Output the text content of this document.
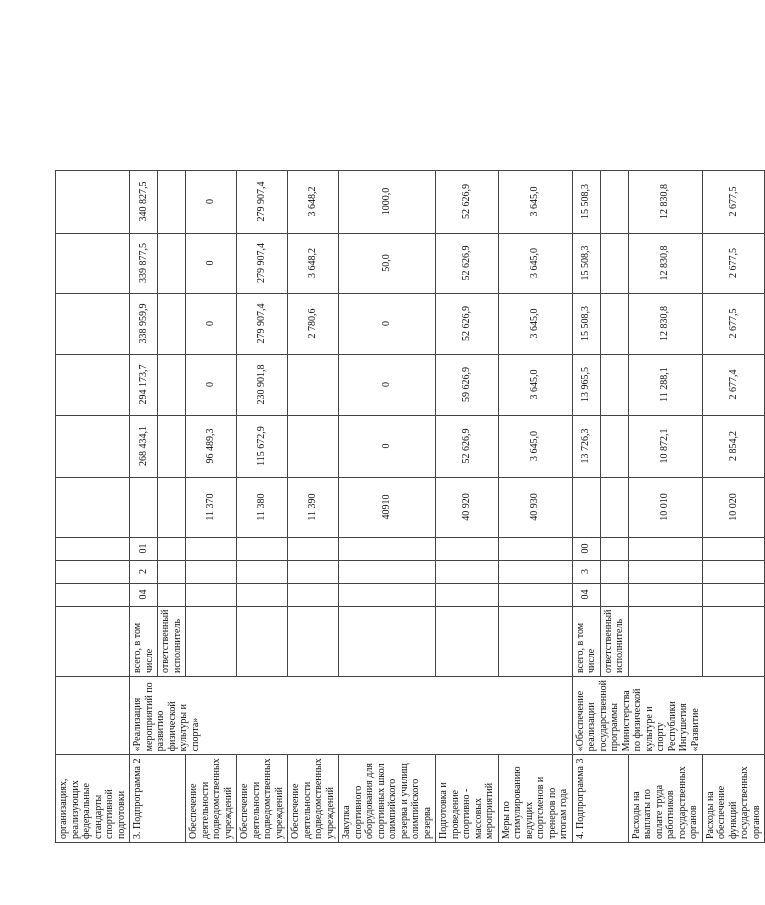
организациях, реализующих федеральные стандарты спортивной подготовки											
3. Подпрограмма 2	«Реализация мероприятий по развитию физической культуры и спорта»	всего, в том числе	04	2	01		268 434,1	294 173,7	338 959,9	339 877,5	340 827,5
		ответственный исполнитель									
Обеспечение деятельности подведомственных учреждений						11 370	96 489,3	0	0	0	0
Обеспечение деятельности подведомственных учреждений						11 380	115 672,9	230 901,8	279 907,4	279 907,4	279 907,4
Обеспечение деятельности подведомственных учреждений						11 390			2 780,6	3 648,2	3 648,2
Закупка спортивного оборудования для спортивных школ олимпийского резерва и училищ олимпийского резерва						40910	0	0	0	50,0	1000,0
Подготовка и проведение спортивно - массовых мероприятий						40 920	52 626,9	59 626,9	52 626,9	52 626,9	52 626,9
Меры по стимулированию ведущих спортсменов и тренеров по итогам года						40 930	3 645,0	3 645,0	3 645,0	3 645,0	3 645,0
4. Подпрограмма 3	«Обеспечение реализации государственной программы Министерства по физической культуре и спорту Республики Ингушетия «Развитие	всего, в том числе	04	3	00		13 726,3	13 965,5	15 508,3	15 508,3	15 508,3
		ответственный исполнитель									
Расходы на выплаты по оплате труда работников государственных органов						10 010	10 872,1	11 288,1	12 830,8	12 830,8	12 830,8
Расходы на обеспечение функций государственных органов						10 020	2 854,2	2 677,4	2 677,5	2 677,5	2 677,5
